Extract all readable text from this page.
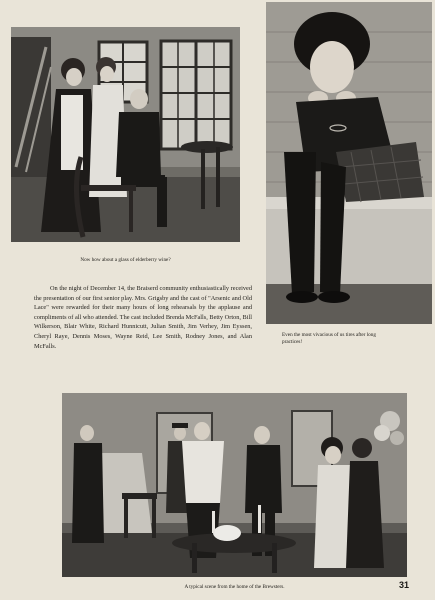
Now how about a glass of elderberry wine?
Even the most vivacious of us tires after long practices!

On the night of December 14, the Braiserd community enthusiastically received the presentation of our first senior play. Mrs. Grigsby and the cast of "Arsenic and Old Lace" were rewarded for their many hours of long rehearsals by the applause and compliments of all who attended. The cast included Brenda McFalls, Betty Orton, Bill Wilkerson, Blair White, Richard Hunnicutt, Julian Smith, Jim Verhey, Jim Eyssen, Cheryl Raye, Dennis Moses, Wayne Reid, Lee Smith, Rodney Jones, and Alan McFalls.

A typical scene from the home of the Brewsters.	31
